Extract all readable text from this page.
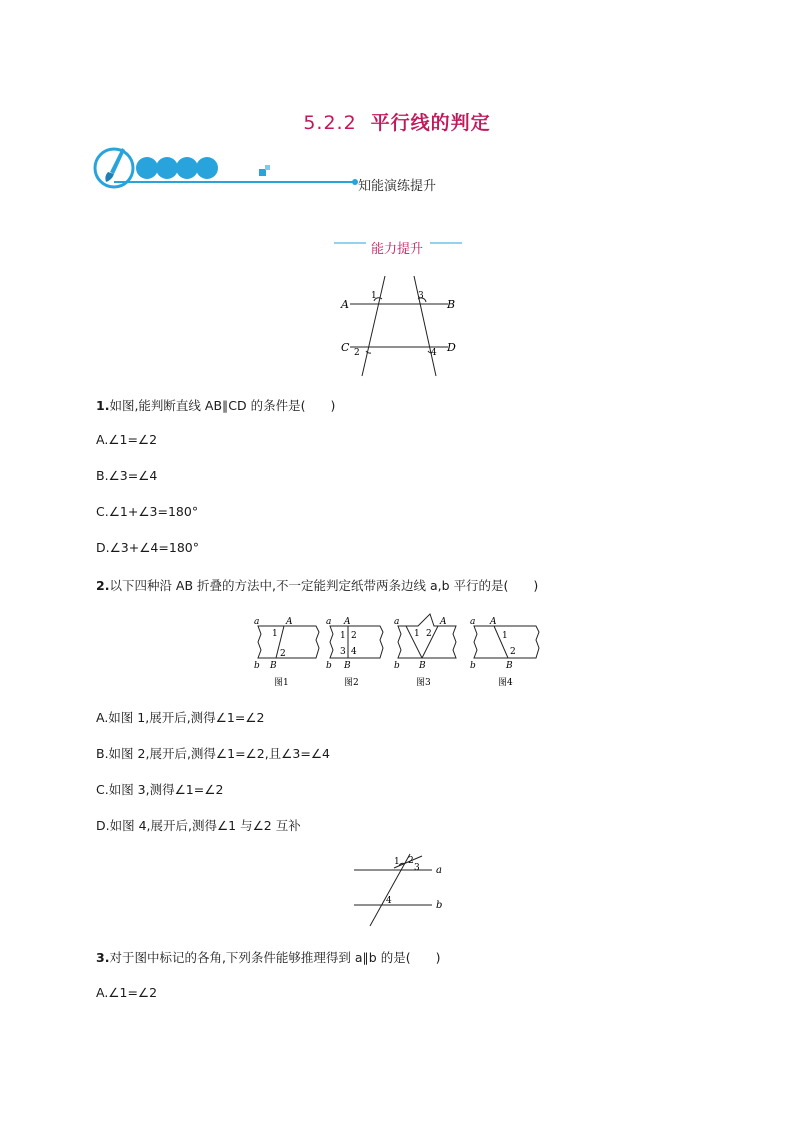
5.2.2 平行线的判定
知能演练提升
能力提升
A	B
C	D
1
2
3
4
1.如图,能判断直线 AB∥CD 的条件是(　　)
A.∠1=∠2
B.∠3=∠4
C.∠1+∠3=180°
D.∠3+∠4=180°
2.以下四种沿 AB 折叠的方法中,不一定能判定纸带两条边线 a,b 平行的是(　　)
a	A
1
2
b B
图1
a A
1 2
3 4
b B
图2
a	A
1 2
b B
图3
a A
1
2
b	B
图4
A.如图 1,展开后,测得∠1=∠2
B.如图 2,展开后,测得∠1=∠2,且∠3=∠4
C.如图 3,测得∠1=∠2
D.如图 4,展开后,测得∠1 与∠2 互补
1 2
3
4
a
b
3.对于图中标记的各角,下列条件能够推理得到 a∥b 的是(　　)
A.∠1=∠2
